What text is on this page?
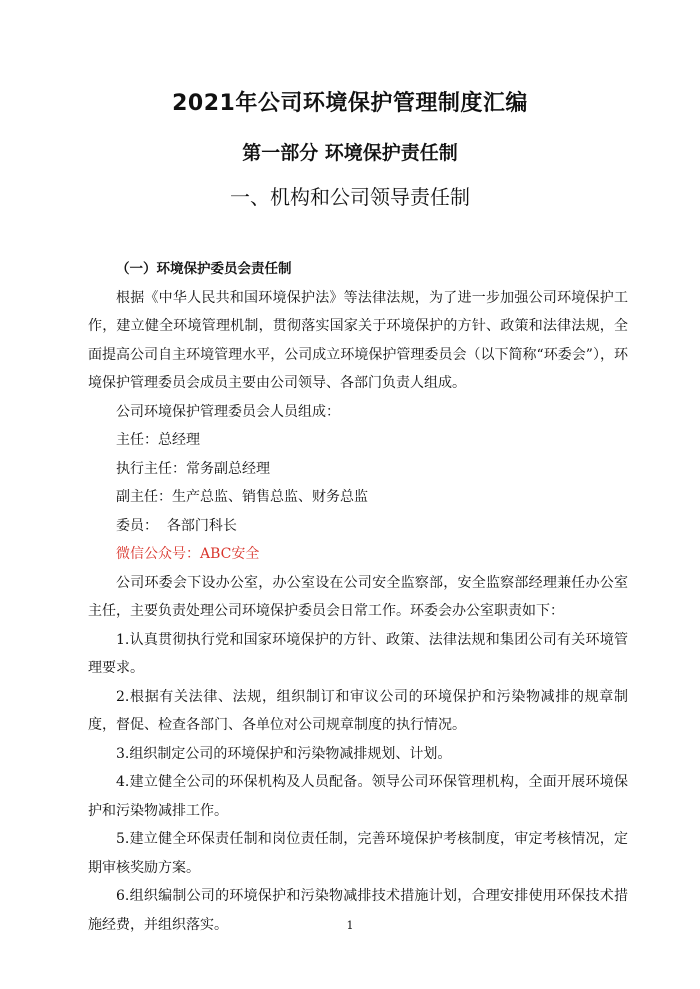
2021年公司环境保护管理制度汇编
第一部分 环境保护责任制
一、机构和公司领导责任制

（一）环境保护委员会责任制

根据《中华人民共和国环境保护法》等法律法规，为了进一步加强公司环境保护工作，建立健全环境管理机制，贯彻落实国家关于环境保护的方针、政策和法律法规，全面提高公司自主环境管理水平，公司成立环境保护管理委员会（以下简称“环委会”），环境保护管理委员会成员主要由公司领导、各部门负责人组成。

公司环境保护管理委员会人员组成：

主任：总经理

执行主任：常务副总经理

副主任：生产总监、销售总监、财务总监

委员：  各部门科长

微信公众号：ABC安全

公司环委会下设办公室，办公室设在公司安全监察部，安全监察部经理兼任办公室主任，主要负责处理公司环境保护委员会日常工作。环委会办公室职责如下：

1.认真贯彻执行党和国家环境保护的方针、政策、法律法规和集团公司有关环境管理要求。

2.根据有关法律、法规，组织制订和审议公司的环境保护和污染物减排的规章制度，督促、检查各部门、各单位对公司规章制度的执行情况。

3.组织制定公司的环境保护和污染物减排规划、计划。

4.建立健全公司的环保机构及人员配备。领导公司环保管理机构，全面开展环境保护和污染物减排工作。

5.建立健全环保责任制和岗位责任制，完善环境保护考核制度，审定考核情况，定期审核奖励方案。

6.组织编制公司的环境保护和污染物减排技术措施计划，合理安排使用环保技术措施经费，并组织落实。	1
